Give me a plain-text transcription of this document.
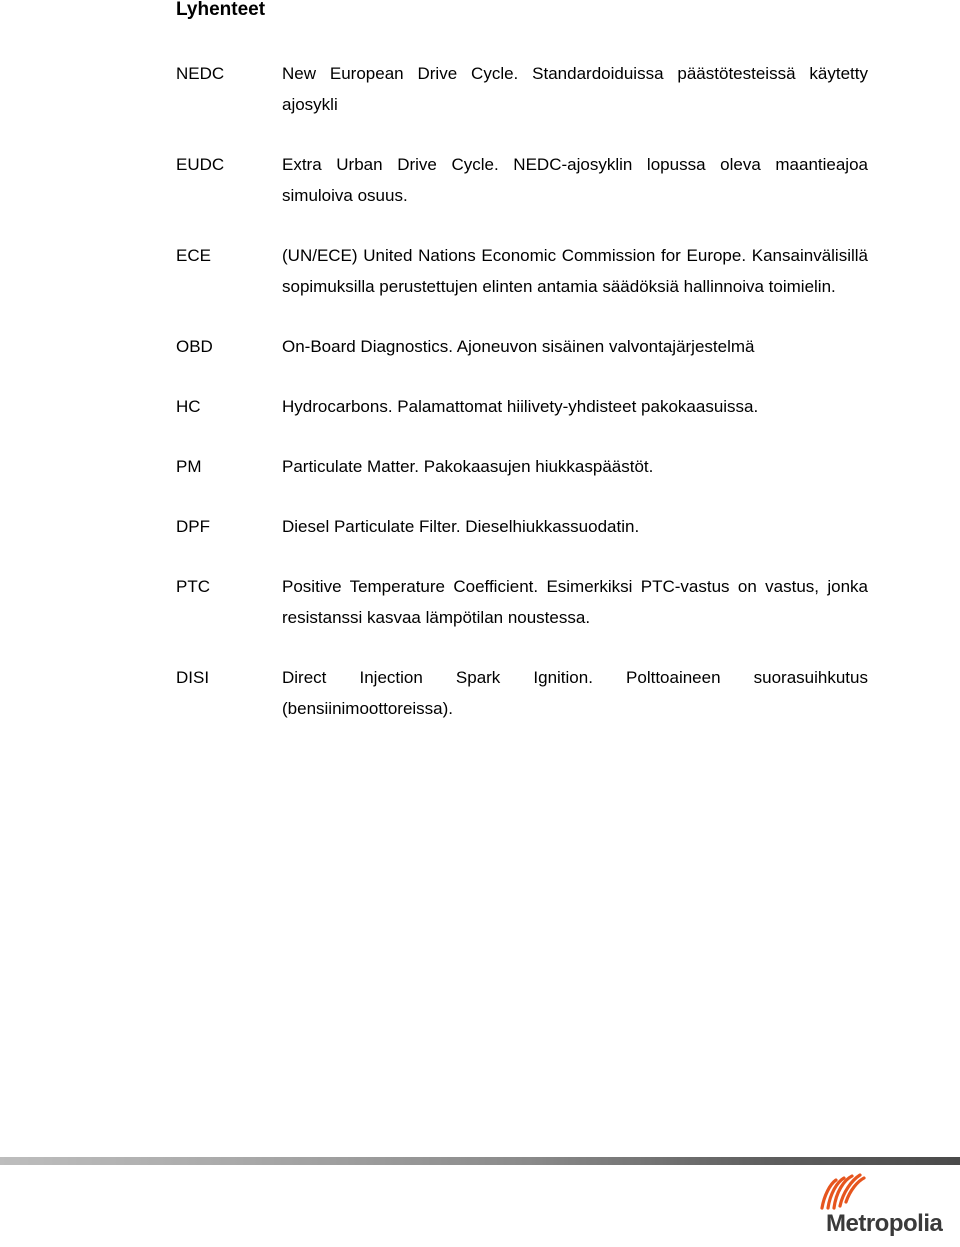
Lyhenteet
NEDC	New European Drive Cycle. Standardoiduissa päästötesteissä käytetty ajosykli
EUDC	Extra Urban Drive Cycle. NEDC-ajosyklin lopussa oleva maantieajoa simuloiva osuus.
ECE	(UN/ECE) United Nations Economic Commission for Europe. Kansainvälisillä sopimuksilla perustettujen elinten antamia säädöksiä hallinnoiva toimielin.
OBD	On-Board Diagnostics. Ajoneuvon sisäinen valvontajärjestelmä
HC	Hydrocarbons. Palamattomat hiilivety-yhdisteet pakokaasuissa.
PM	Particulate Matter. Pakokaasujen hiukkaspäästöt.
DPF	Diesel Particulate Filter. Dieselhiukkassuodatin.
PTC	Positive Temperature Coefficient. Esimerkiksi PTC-vastus on vastus, jonka resistanssi kasvaa lämpötilan noustessa.
DISI	Direct Injection Spark Ignition. Polttoaineen suorasuihkutus (bensiinimoottoreissa).
Metropolia
